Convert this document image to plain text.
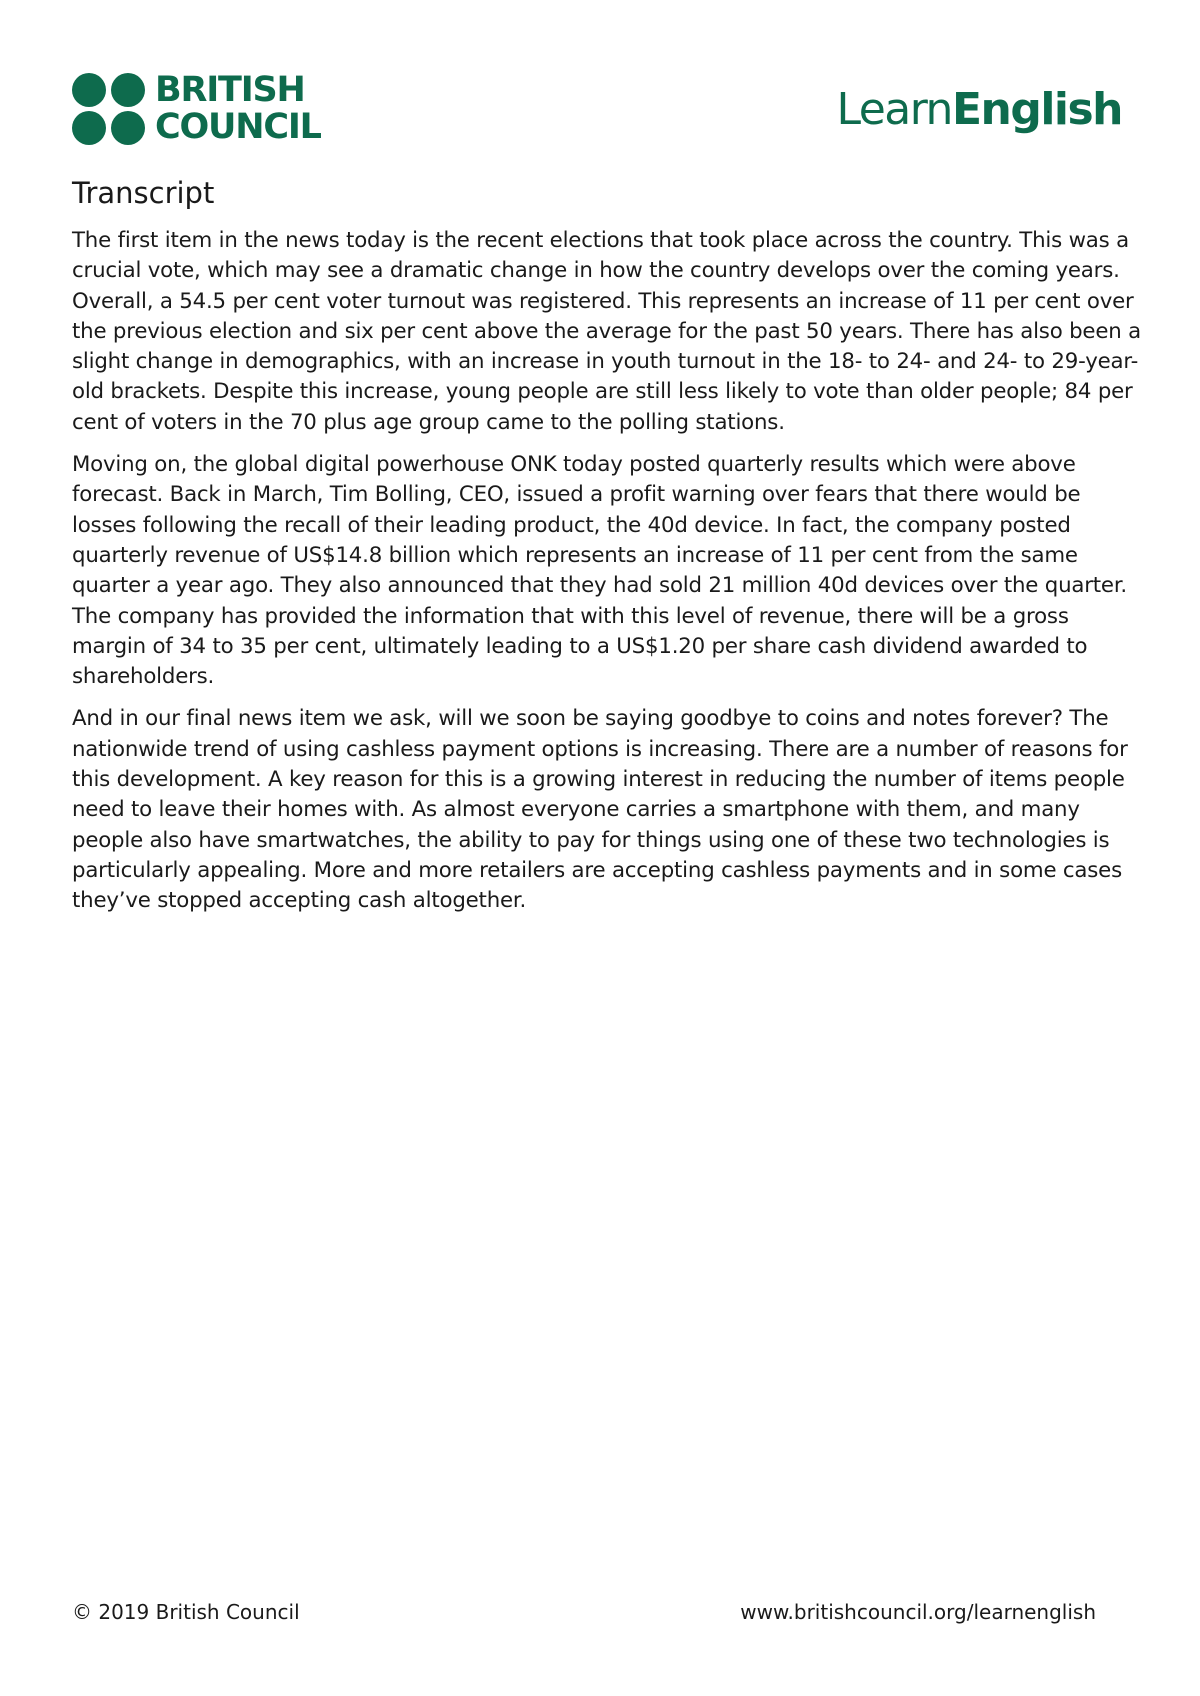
BRITISH
COUNCIL	LearnEnglish
Transcript

The first item in the news today is the recent elections that took place across the country. This was a crucial vote, which may see a dramatic change in how the country develops over the coming years. Overall, a 54.5 per cent voter turnout was registered. This represents an increase of 11 per cent over the previous election and six per cent above the average for the past 50 years. There has also been a slight change in demographics, with an increase in youth turnout in the 18- to 24- and 24- to 29-year-old brackets. Despite this increase, young people are still less likely to vote than older people; 84 per cent of voters in the 70 plus age group came to the polling stations.

Moving on, the global digital powerhouse ONK today posted quarterly results which were above forecast. Back in March, Tim Bolling, CEO, issued a profit warning over fears that there would be losses following the recall of their leading product, the 40d device. In fact, the company posted quarterly revenue of US$14.8 billion which represents an increase of 11 per cent from the same quarter a year ago. They also announced that they had sold 21 million 40d devices over the quarter. The company has provided the information that with this level of revenue, there will be a gross margin of 34 to 35 per cent, ultimately leading to a US$1.20 per share cash dividend awarded to shareholders.

And in our final news item we ask, will we soon be saying goodbye to coins and notes forever? The nationwide trend of using cashless payment options is increasing. There are a number of reasons for this development. A key reason for this is a growing interest in reducing the number of items people need to leave their homes with. As almost everyone carries a smartphone with them, and many people also have smartwatches, the ability to pay for things using one of these two technologies is particularly appealing. More and more retailers are accepting cashless payments and in some cases they’ve stopped accepting cash altogether.

© 2019 British Council	www.britishcouncil.org/learnenglish
